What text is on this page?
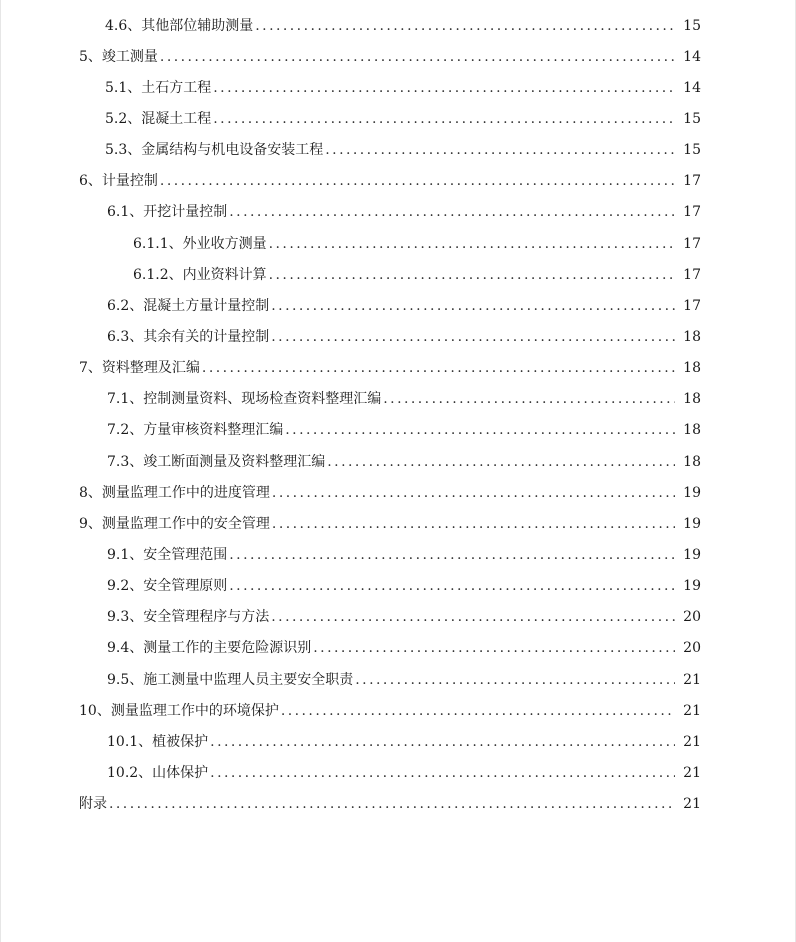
4.6、其他部位辅助测量 . . .	15
5、竣工测量 . . .	14
5.1、土石方工程 . . .	14
5.2、混凝土工程 . . .	15
5.3、金属结构与机电设备安装工程 . . .	15
6、计量控制 . . .	17
6.1、开挖计量控制 . . .	17
6.1.1、外业收方测量 . . .	17
6.1.2、内业资料计算 . . .	17
6.2、混凝土方量计量控制 . . .	17
6.3、其余有关的计量控制 . . .	18
7、资料整理及汇编 . . .	18
7.1、控制测量资料、现场检查资料整理汇编 . . .	18
7.2、方量审核资料整理汇编 . . .	18
7.3、竣工断面测量及资料整理汇编 . . .	18
8、测量监理工作中的进度管理 . . .	19
9、测量监理工作中的安全管理 . . .	19
9.1、安全管理范围 . . .	19
9.2、安全管理原则 . . .	19
9.3、安全管理程序与方法 . . .	20
9.4、测量工作的主要危险源识别 . . .	20
9.5、施工测量中监理人员主要安全职责 . . .	21
10、测量监理工作中的环境保护 . . .	21
10.1、植被保护 . . .	21
10.2、山体保护 . . .	21
附录 . . .	21
